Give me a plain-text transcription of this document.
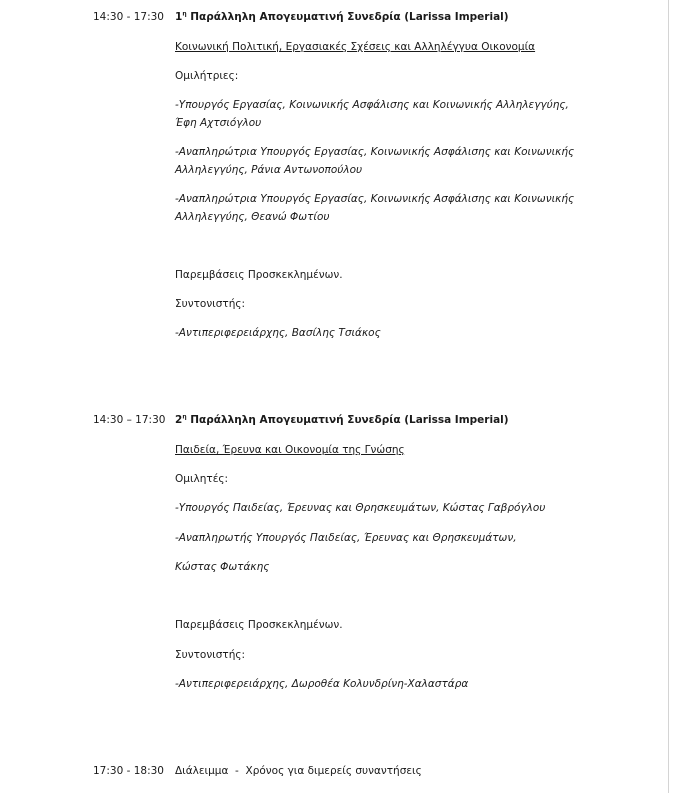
14:30 - 17:30 $1^\eta$ Παράλληλη Απογευματινή Συνεδρία (Larissa Imperial)
Κοινωνική Πολιτική, Εργασιακές Σχέσεις και Αλληλέγγυα Οικονομία
Ομιλήτριες:
-Υπουργός Εργασίας, Κοινωνικής Ασφάλισης και Κοινωνικής Αλληλεγγύης,
Έφη Αχτσιόγλου
-Αναπληρώτρια Υπουργός Εργασίας, Κοινωνικής Ασφάλισης και Κοινωνικής
Αλληλεγγύης, Ράνια Αντωνοπούλου
-Αναπληρώτρια Υπουργός Εργασίας, Κοινωνικής Ασφάλισης και Κοινωνικής
Αλληλεγγύης, Θεανώ Φωτίου
Παρεμβάσεις Προσκεκλημένων.
Συντονιστής:
-Αντιπεριφερειάρχης, Βασίλης Τσιάκος
14:30 – 17:30 $2^\eta$ Παράλληλη Απογευματινή Συνεδρία (Larissa Imperial)
Παιδεία, Έρευνα και Οικονομία της Γνώσης
Ομιλητές:
-Υπουργός Παιδείας, Έρευνας και Θρησκευμάτων, Κώστας Γαβρόγλου
-Αναπληρωτής Υπουργός Παιδείας, Έρευνας και Θρησκευμάτων,
Κώστας Φωτάκης
Παρεμβάσεις Προσκεκλημένων.
Συντονιστής:
-Αντιπεριφερειάρχης, Δωροθέα Κολυνδρίνη-Χαλαστάρα
17:30 - 18:30 Διάλειμμα  -  Χρόνος για διμερείς συναντήσεις
